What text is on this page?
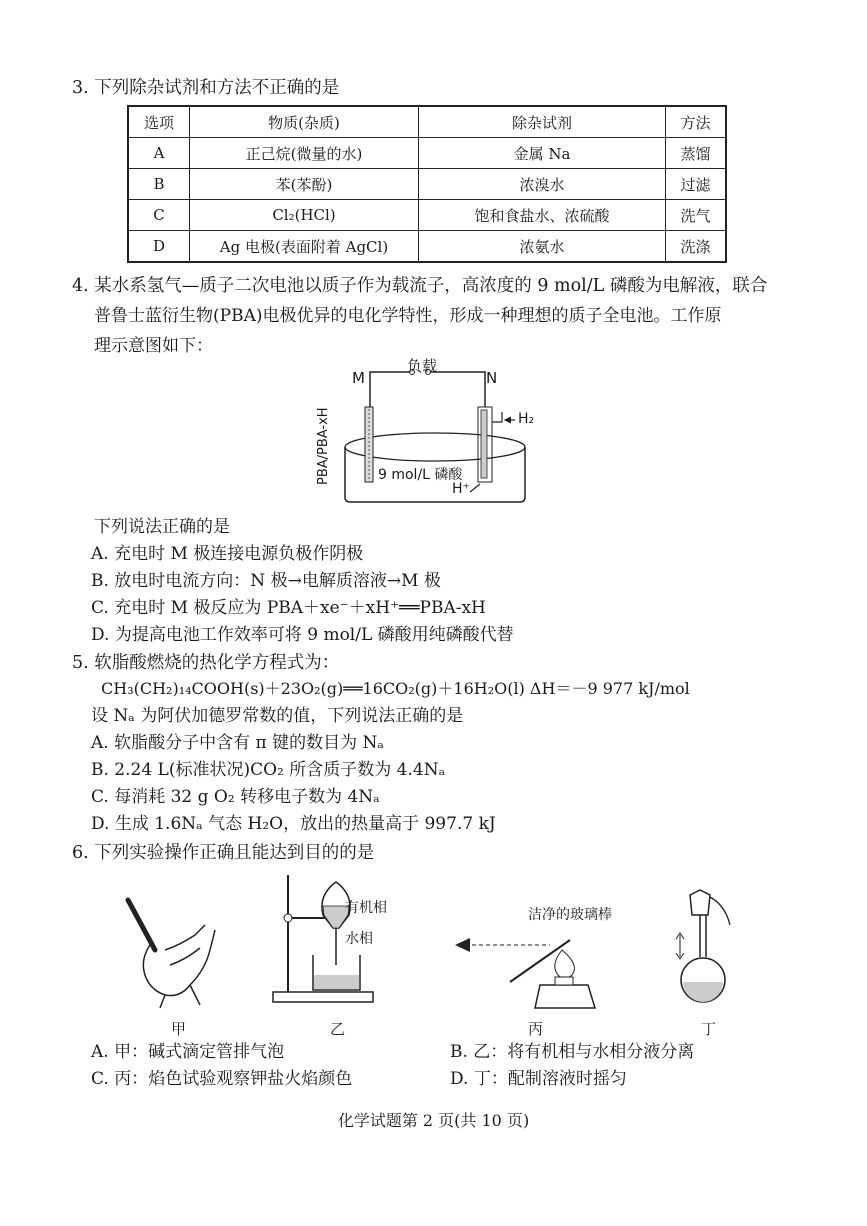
3. 下列除杂试剂和方法不正确的是
选项	物质(杂质)	除杂试剂	方法
A	正己烷(微量的水)	金属 Na	蒸馏
B	苯(苯酚)	浓溴水	过滤
C	Cl₂(HCl)	饱和食盐水、浓硫酸	洗气
D	Ag 电极(表面附着 AgCl)	浓氨水	洗涤
4. 某水系氢气—质子二次电池以质子作为载流子，高浓度的 9 mol/L 磷酸为电解液，联合
普鲁士蓝衍生物(PBA)电极优异的电化学特性，形成一种理想的质子全电池。工作原
理示意图如下：
负载
M	N
PBA/PBA-xH	H₂
9 mol/L 磷酸
H⁺
下列说法正确的是
A. 充电时 M 极连接电源负极作阴极
B. 放电时电流方向：N 极→电解质溶液→M 极
C. 充电时 M 极反应为 PBA＋xe⁻＋xH⁺══PBA-xH
D. 为提高电池工作效率可将 9 mol/L 磷酸用纯磷酸代替
5. 软脂酸燃烧的热化学方程式为：
CH₃(CH₂)₁₄COOH(s)＋23O₂(g)══16CO₂(g)＋16H₂O(l) ΔH＝－9 977 kJ/mol
设 Nₐ 为阿伏加德罗常数的值，下列说法正确的是
A. 软脂酸分子中含有 π 键的数目为 Nₐ
B. 2.24 L(标准状况)CO₂ 所含质子数为 4.4Nₐ
C. 每消耗 32 g O₂ 转移电子数为 4Nₐ
D. 生成 1.6Nₐ 气态 H₂O，放出的热量高于 997.7 kJ
6. 下列实验操作正确且能达到目的的是
甲
有机相
水相
乙
洁净的玻璃棒
丙	丁
A. 甲：碱式滴定管排气泡	B. 乙：将有机相与水相分液分离
C. 丙：焰色试验观察钾盐火焰颜色	D. 丁：配制溶液时摇匀
化学试题第 2 页(共 10 页)
